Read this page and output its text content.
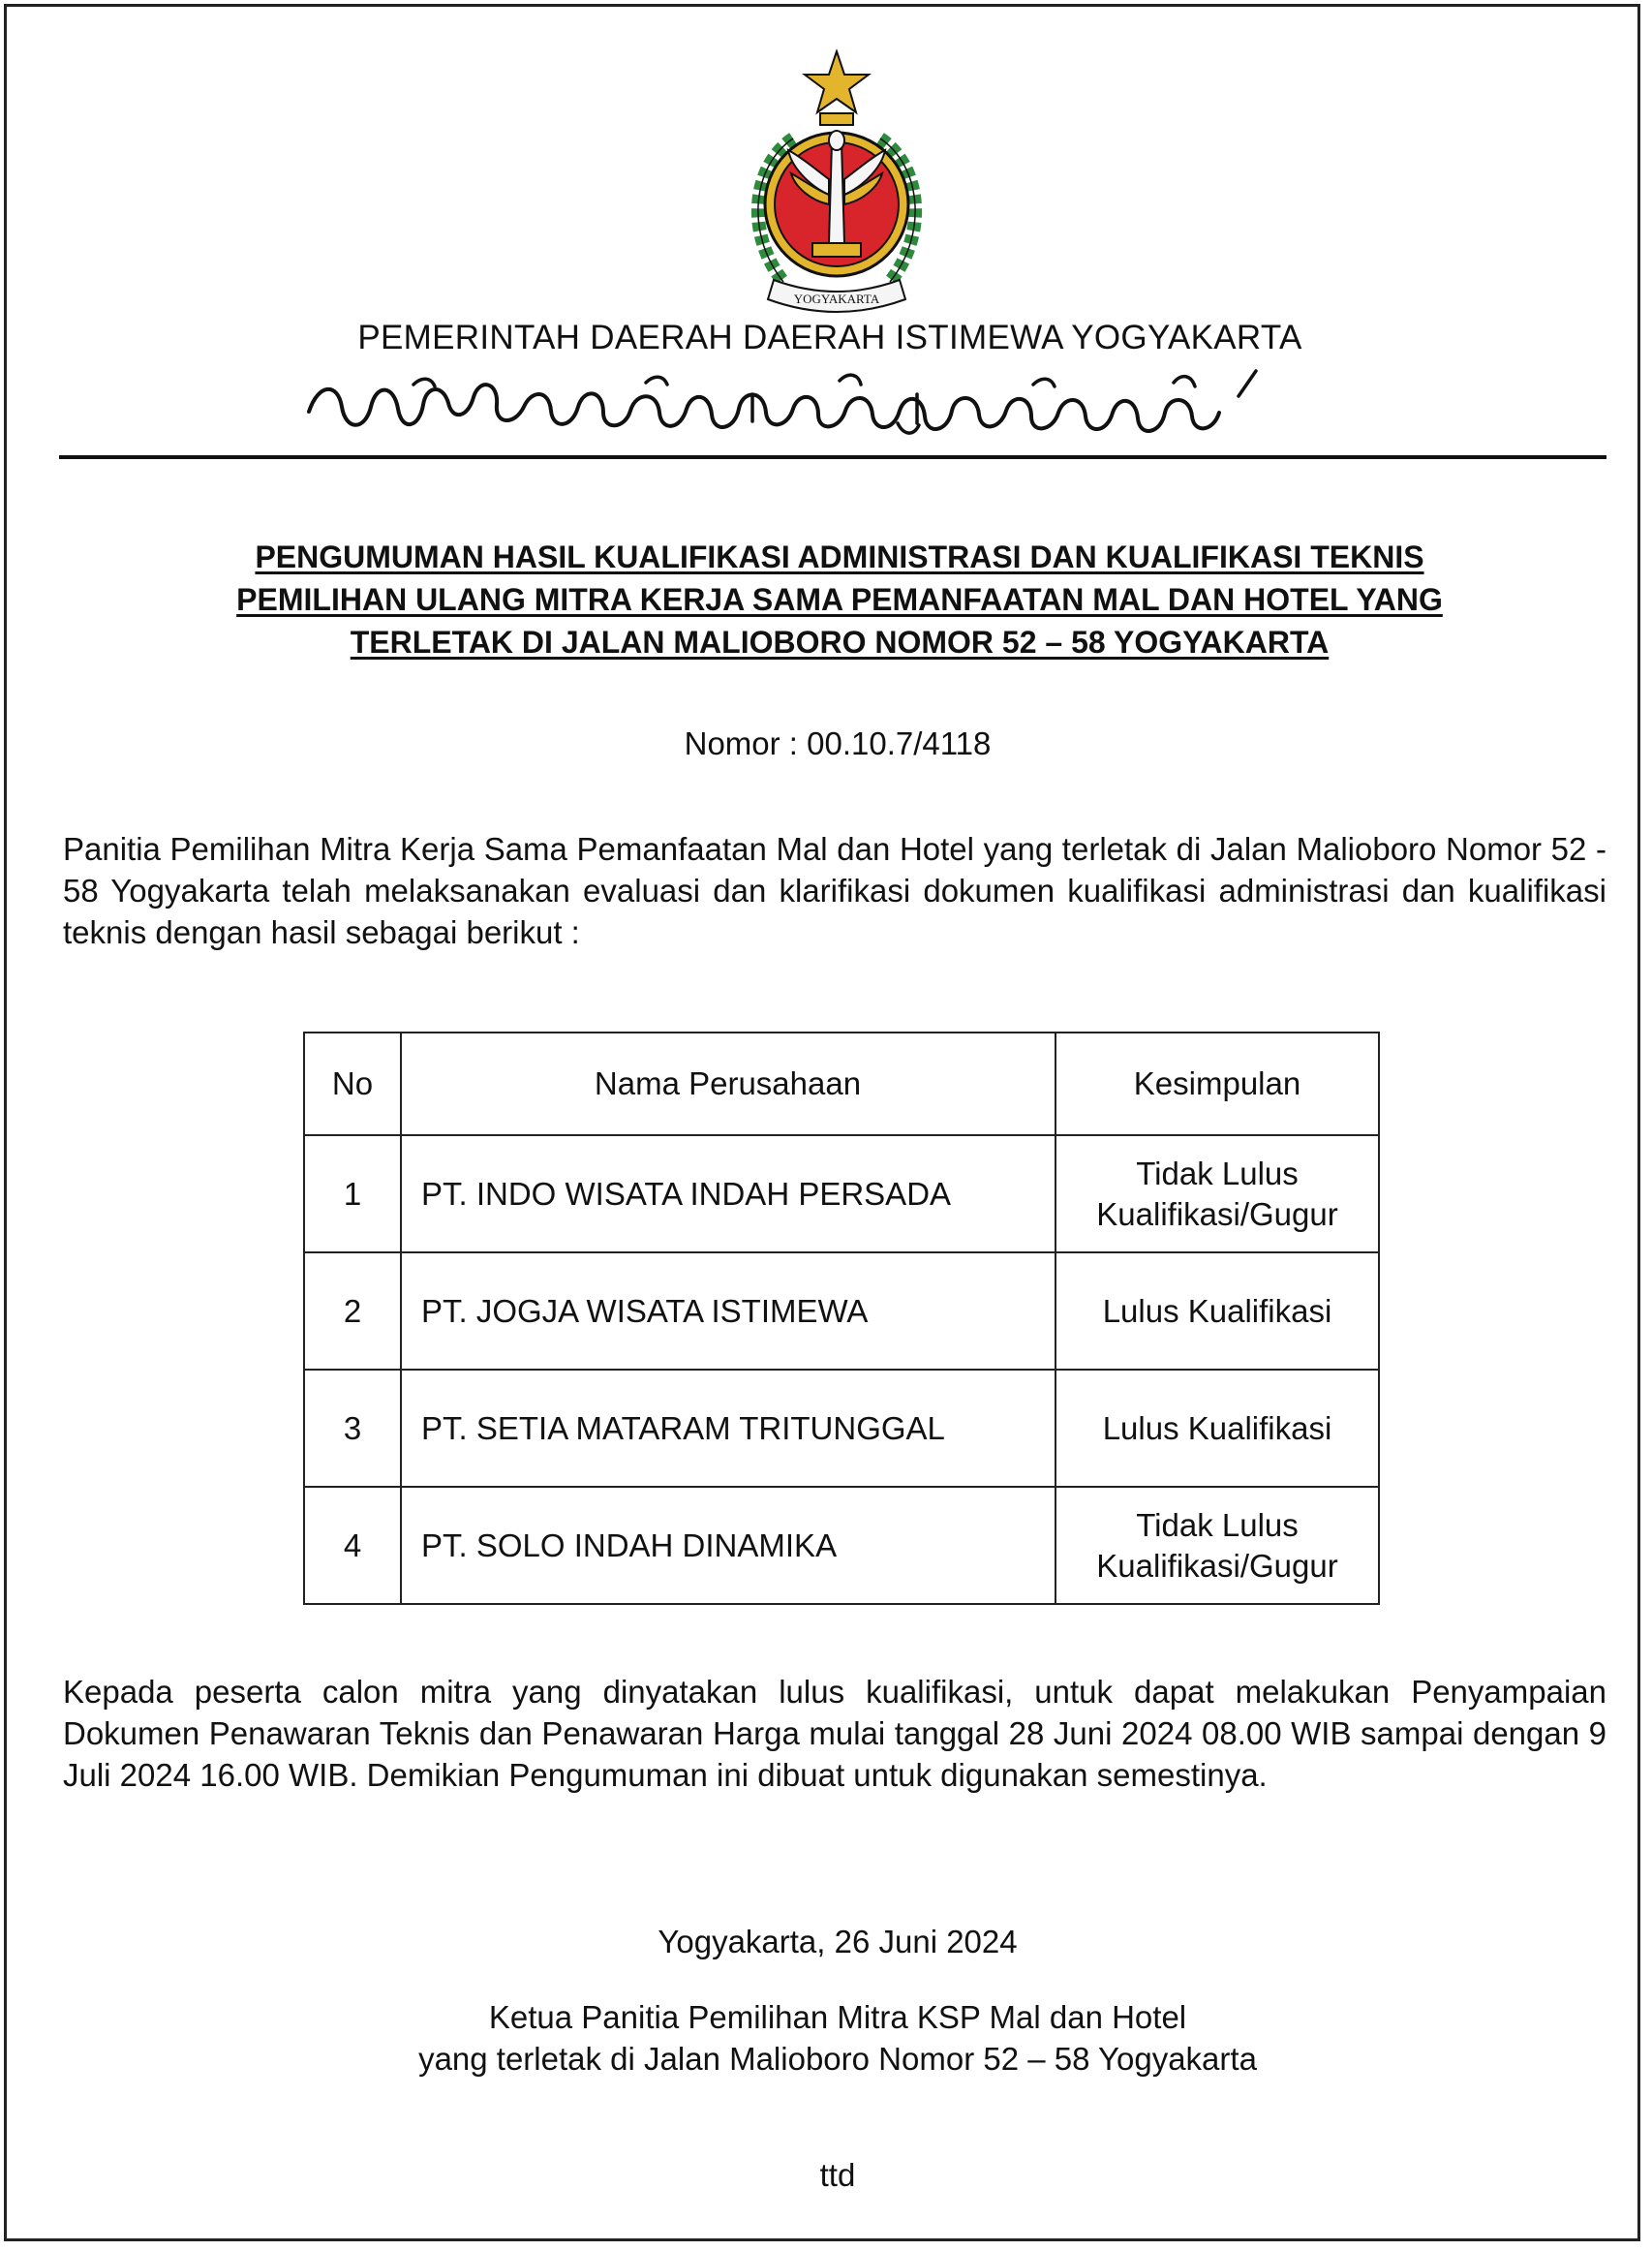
YOGYAKARTA
PEMERINTAH DAERAH DAERAH ISTIMEWA YOGYAKARTA
PENGUMUMAN HASIL KUALIFIKASI ADMINISTRASI DAN KUALIFIKASI TEKNIS
PEMILIHAN ULANG MITRA KERJA SAMA PEMANFAATAN MAL DAN HOTEL YANG
TERLETAK DI JALAN MALIOBORO NOMOR 52 – 58 YOGYAKARTA
Nomor : 00.10.7/4118
Panitia Pemilihan Mitra Kerja Sama Pemanfaatan Mal dan Hotel yang terletak di Jalan Malioboro Nomor 52 - 58 Yogyakarta telah melaksanakan evaluasi dan klarifikasi dokumen kualifikasi administrasi dan kualifikasi teknis dengan hasil sebagai berikut :
No	Nama Perusahaan	Kesimpulan
1	PT. INDO WISATA INDAH PERSADA	Tidak Lulus
Kualifikasi/Gugur

2	PT. JOGJA WISATA ISTIMEWA	Lulus Kualifikasi

3	PT. SETIA MATARAM TRITUNGGAL	Lulus Kualifikasi

4	PT. SOLO INDAH DINAMIKA	Tidak Lulus
Kualifikasi/Gugur
Kepada peserta calon mitra yang dinyatakan lulus kualifikasi, untuk dapat melakukan Penyampaian Dokumen Penawaran Teknis dan Penawaran Harga mulai tanggal 28 Juni 2024 08.00 WIB sampai dengan 9 Juli 2024 16.00 WIB. Demikian Pengumuman ini dibuat untuk digunakan semestinya.
Yogyakarta, 26 Juni 2024
Ketua Panitia Pemilihan Mitra KSP Mal dan Hotel
yang terletak di Jalan Malioboro Nomor 52 – 58 Yogyakarta
ttd
